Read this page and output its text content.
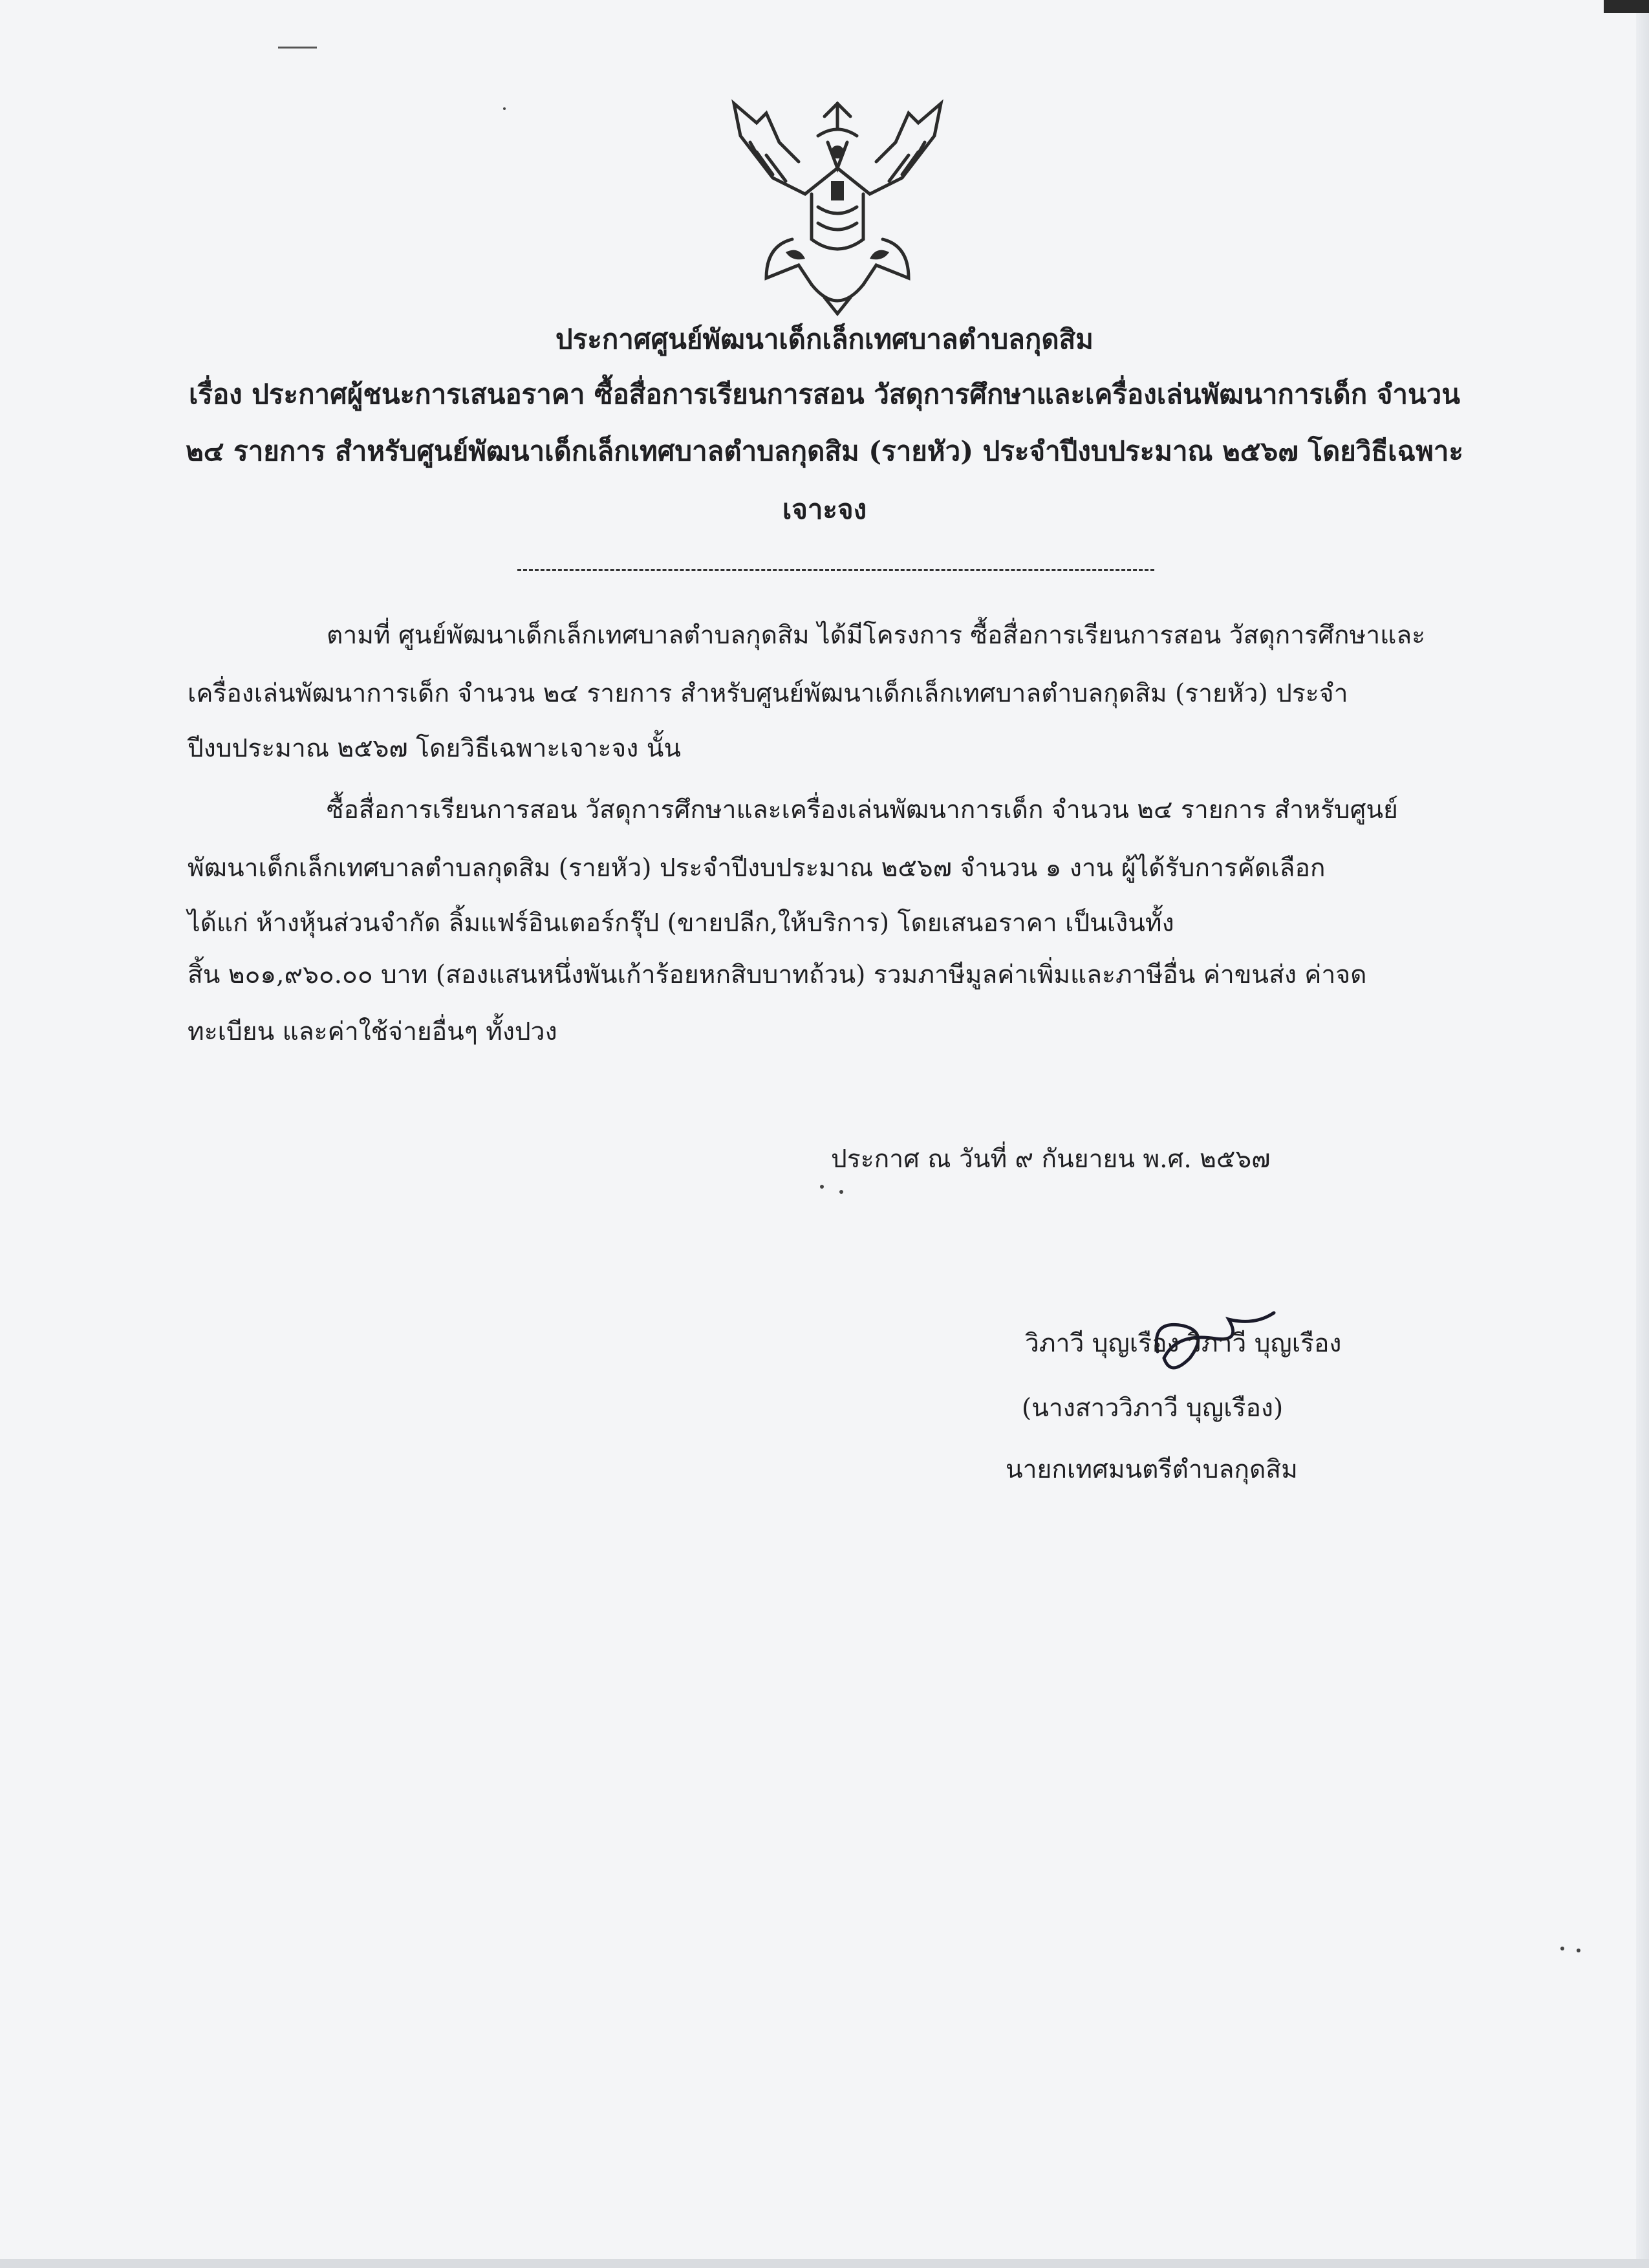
ประกาศศูนย์พัฒนาเด็กเล็กเทศบาลตำบลกุดสิม
เรื่อง ประกาศผู้ชนะการเสนอราคา ซื้อสื่อการเรียนการสอน วัสดุการศึกษาและเครื่องเล่นพัฒนาการเด็ก จำนวน
๒๔ รายการ สำหรับศูนย์พัฒนาเด็กเล็กเทศบาลตำบลกุดสิม (รายหัว) ประจำปีงบประมาณ ๒๕๖๗ โดยวิธีเฉพาะ
เจาะจง
ตามที่ ศูนย์พัฒนาเด็กเล็กเทศบาลตำบลกุดสิม ได้มีโครงการ ซื้อสื่อการเรียนการสอน วัสดุการศึกษาและ
เครื่องเล่นพัฒนาการเด็ก จำนวน ๒๔ รายการ สำหรับศูนย์พัฒนาเด็กเล็กเทศบาลตำบลกุดสิม (รายหัว) ประจำ
ปีงบประมาณ ๒๕๖๗ โดยวิธีเฉพาะเจาะจง นั้น
ซื้อสื่อการเรียนการสอน วัสดุการศึกษาและเครื่องเล่นพัฒนาการเด็ก จำนวน ๒๔ รายการ สำหรับศูนย์
พัฒนาเด็กเล็กเทศบาลตำบลกุดสิม (รายหัว) ประจำปีงบประมาณ ๒๕๖๗ จำนวน ๑ งาน ผู้ได้รับการคัดเลือก
ได้แก่ ห้างหุ้นส่วนจำกัด ลิ้มแฟร์อินเตอร์กรุ๊ป (ขายปลีก,ให้บริการ) โดยเสนอราคา เป็นเงินทั้ง
สิ้น ๒๐๑,๙๖๐.๐๐ บาท (สองแสนหนึ่งพันเก้าร้อยหกสิบบาทถ้วน) รวมภาษีมูลค่าเพิ่มและภาษีอื่น ค่าขนส่ง ค่าจด
ทะเบียน และค่าใช้จ่ายอื่นๆ ทั้งปวง
ประกาศ ณ วันที่ ๙ กันยายน พ.ศ. ๒๕๖๗
วิภาวี บุญเรือง วิภาวี บุญเรือง
(นางสาววิภาวี บุญเรือง)
นายกเทศมนตรีตำบลกุดสิม
